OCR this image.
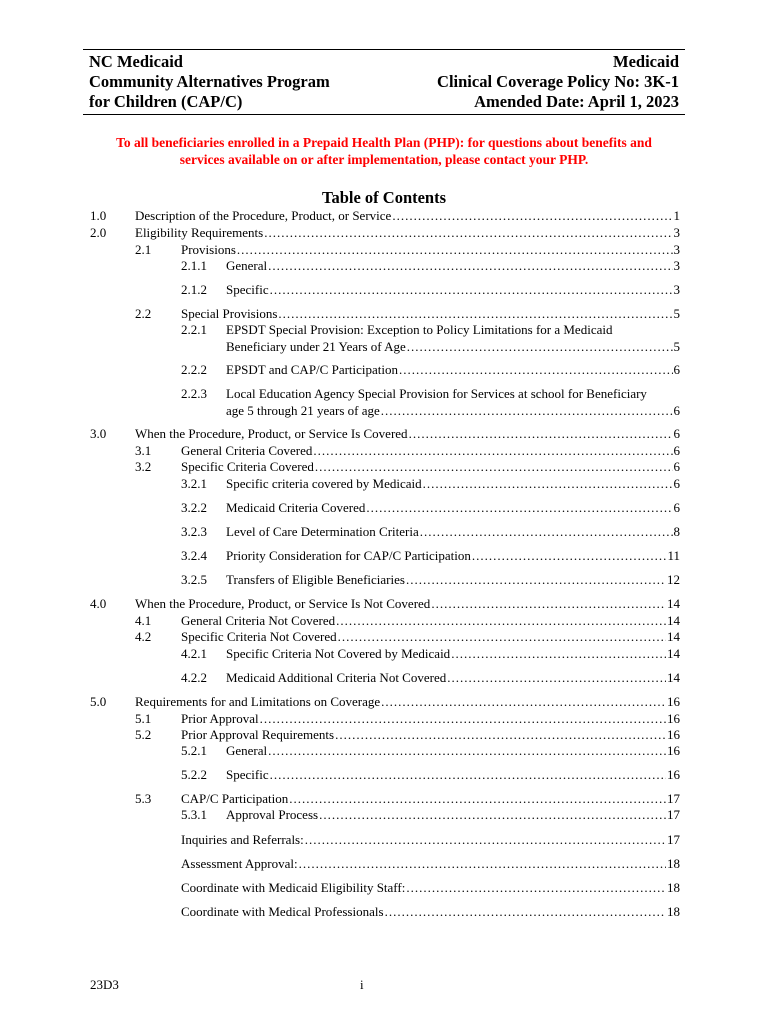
NC Medicaid	Medicaid
Community Alternatives Program	Clinical Coverage Policy No: 3K-1
for Children (CAP/C)	Amended Date: April 1, 2023
To all beneficiaries enrolled in a Prepaid Health Plan (PHP): for questions about benefits and
services available on or after implementation, please contact your PHP.
Table of Contents
1.0 Description of the Procedure, Product, or Service .....	1
2.0 Eligibility Requirements .....	3
2.1 Provisions .....	3
2.1.1 General .....	3
2.1.2 Specific .....	3
2.2 Special Provisions .....	5
2.2.1 EPSDT Special Provision: Exception to Policy Limitations for a Medicaid
Beneficiary under 21 Years of Age .....	5
2.2.2 EPSDT and CAP/C Participation .....	6
2.2.3 Local Education Agency Special Provision for Services at school for Beneficiary
age 5 through 21 years of age .....	6
3.0 When the Procedure, Product, or Service Is Covered .....	6
3.1 General Criteria Covered .....	6
3.2 Specific Criteria Covered .....	6
3.2.1 Specific criteria covered by Medicaid .....	6
3.2.2 Medicaid Criteria Covered .....	6
3.2.3 Level of Care Determination Criteria .....	8
3.2.4 Priority Consideration for CAP/C Participation .....	11
3.2.5 Transfers of Eligible Beneficiaries .....	12
4.0 When the Procedure, Product, or Service Is Not Covered .....	14
4.1 General Criteria Not Covered .....	14
4.2 Specific Criteria Not Covered .....	14
4.2.1 Specific Criteria Not Covered by Medicaid .....	14
4.2.2 Medicaid Additional Criteria Not Covered .....	14
5.0 Requirements for and Limitations on Coverage .....	16
5.1 Prior Approval .....	16
5.2 Prior Approval Requirements .....	16
5.2.1 General .....	16
5.2.2 Specific .....	16
5.3 CAP/C Participation .....	17
5.3.1 Approval Process .....	17
Inquiries and Referrals: .....	17
Assessment Approval: .....	18
Coordinate with Medicaid Eligibility Staff: .....	18
Coordinate with Medical Professionals .....	18
23D3	i
